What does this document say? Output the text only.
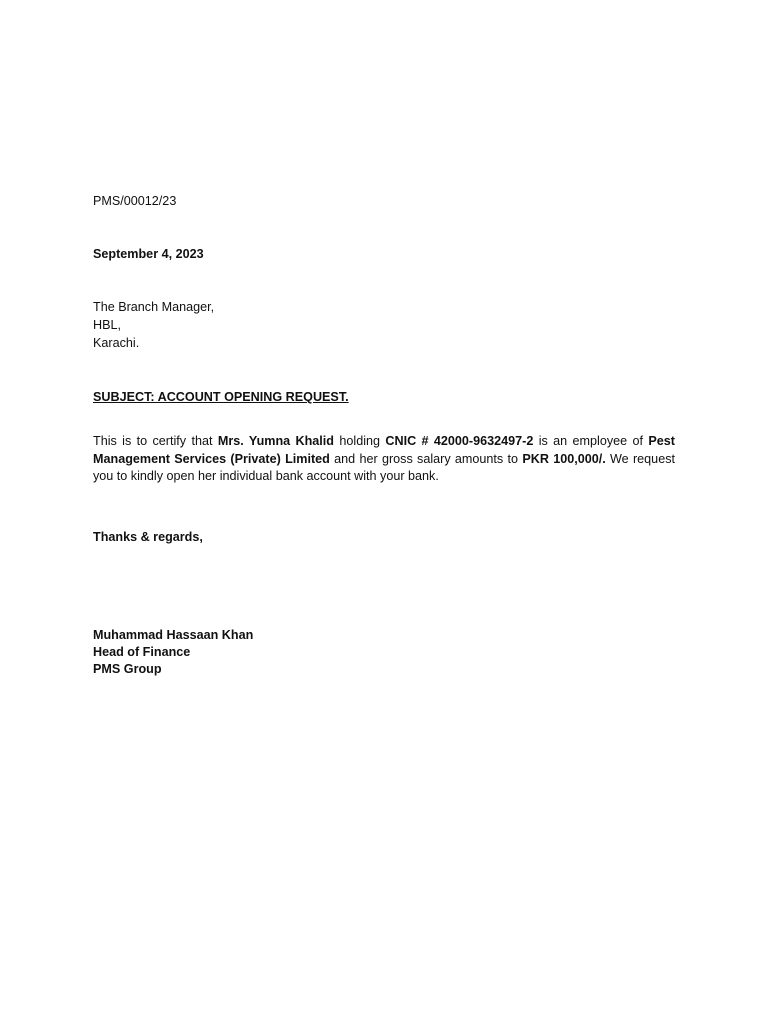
PMS/00012/23
September 4, 2023
The Branch Manager,
HBL,
Karachi.
SUBJECT: ACCOUNT OPENING REQUEST.
This is to certify that Mrs. Yumna Khalid holding CNIC # 42000-9632497-2 is an employee of Pest Management Services (Private) Limited and her gross salary amounts to PKR 100,000/. We request you to kindly open her individual bank account with your bank.
Thanks & regards,
Muhammad Hassaan Khan
Head of Finance
PMS Group
